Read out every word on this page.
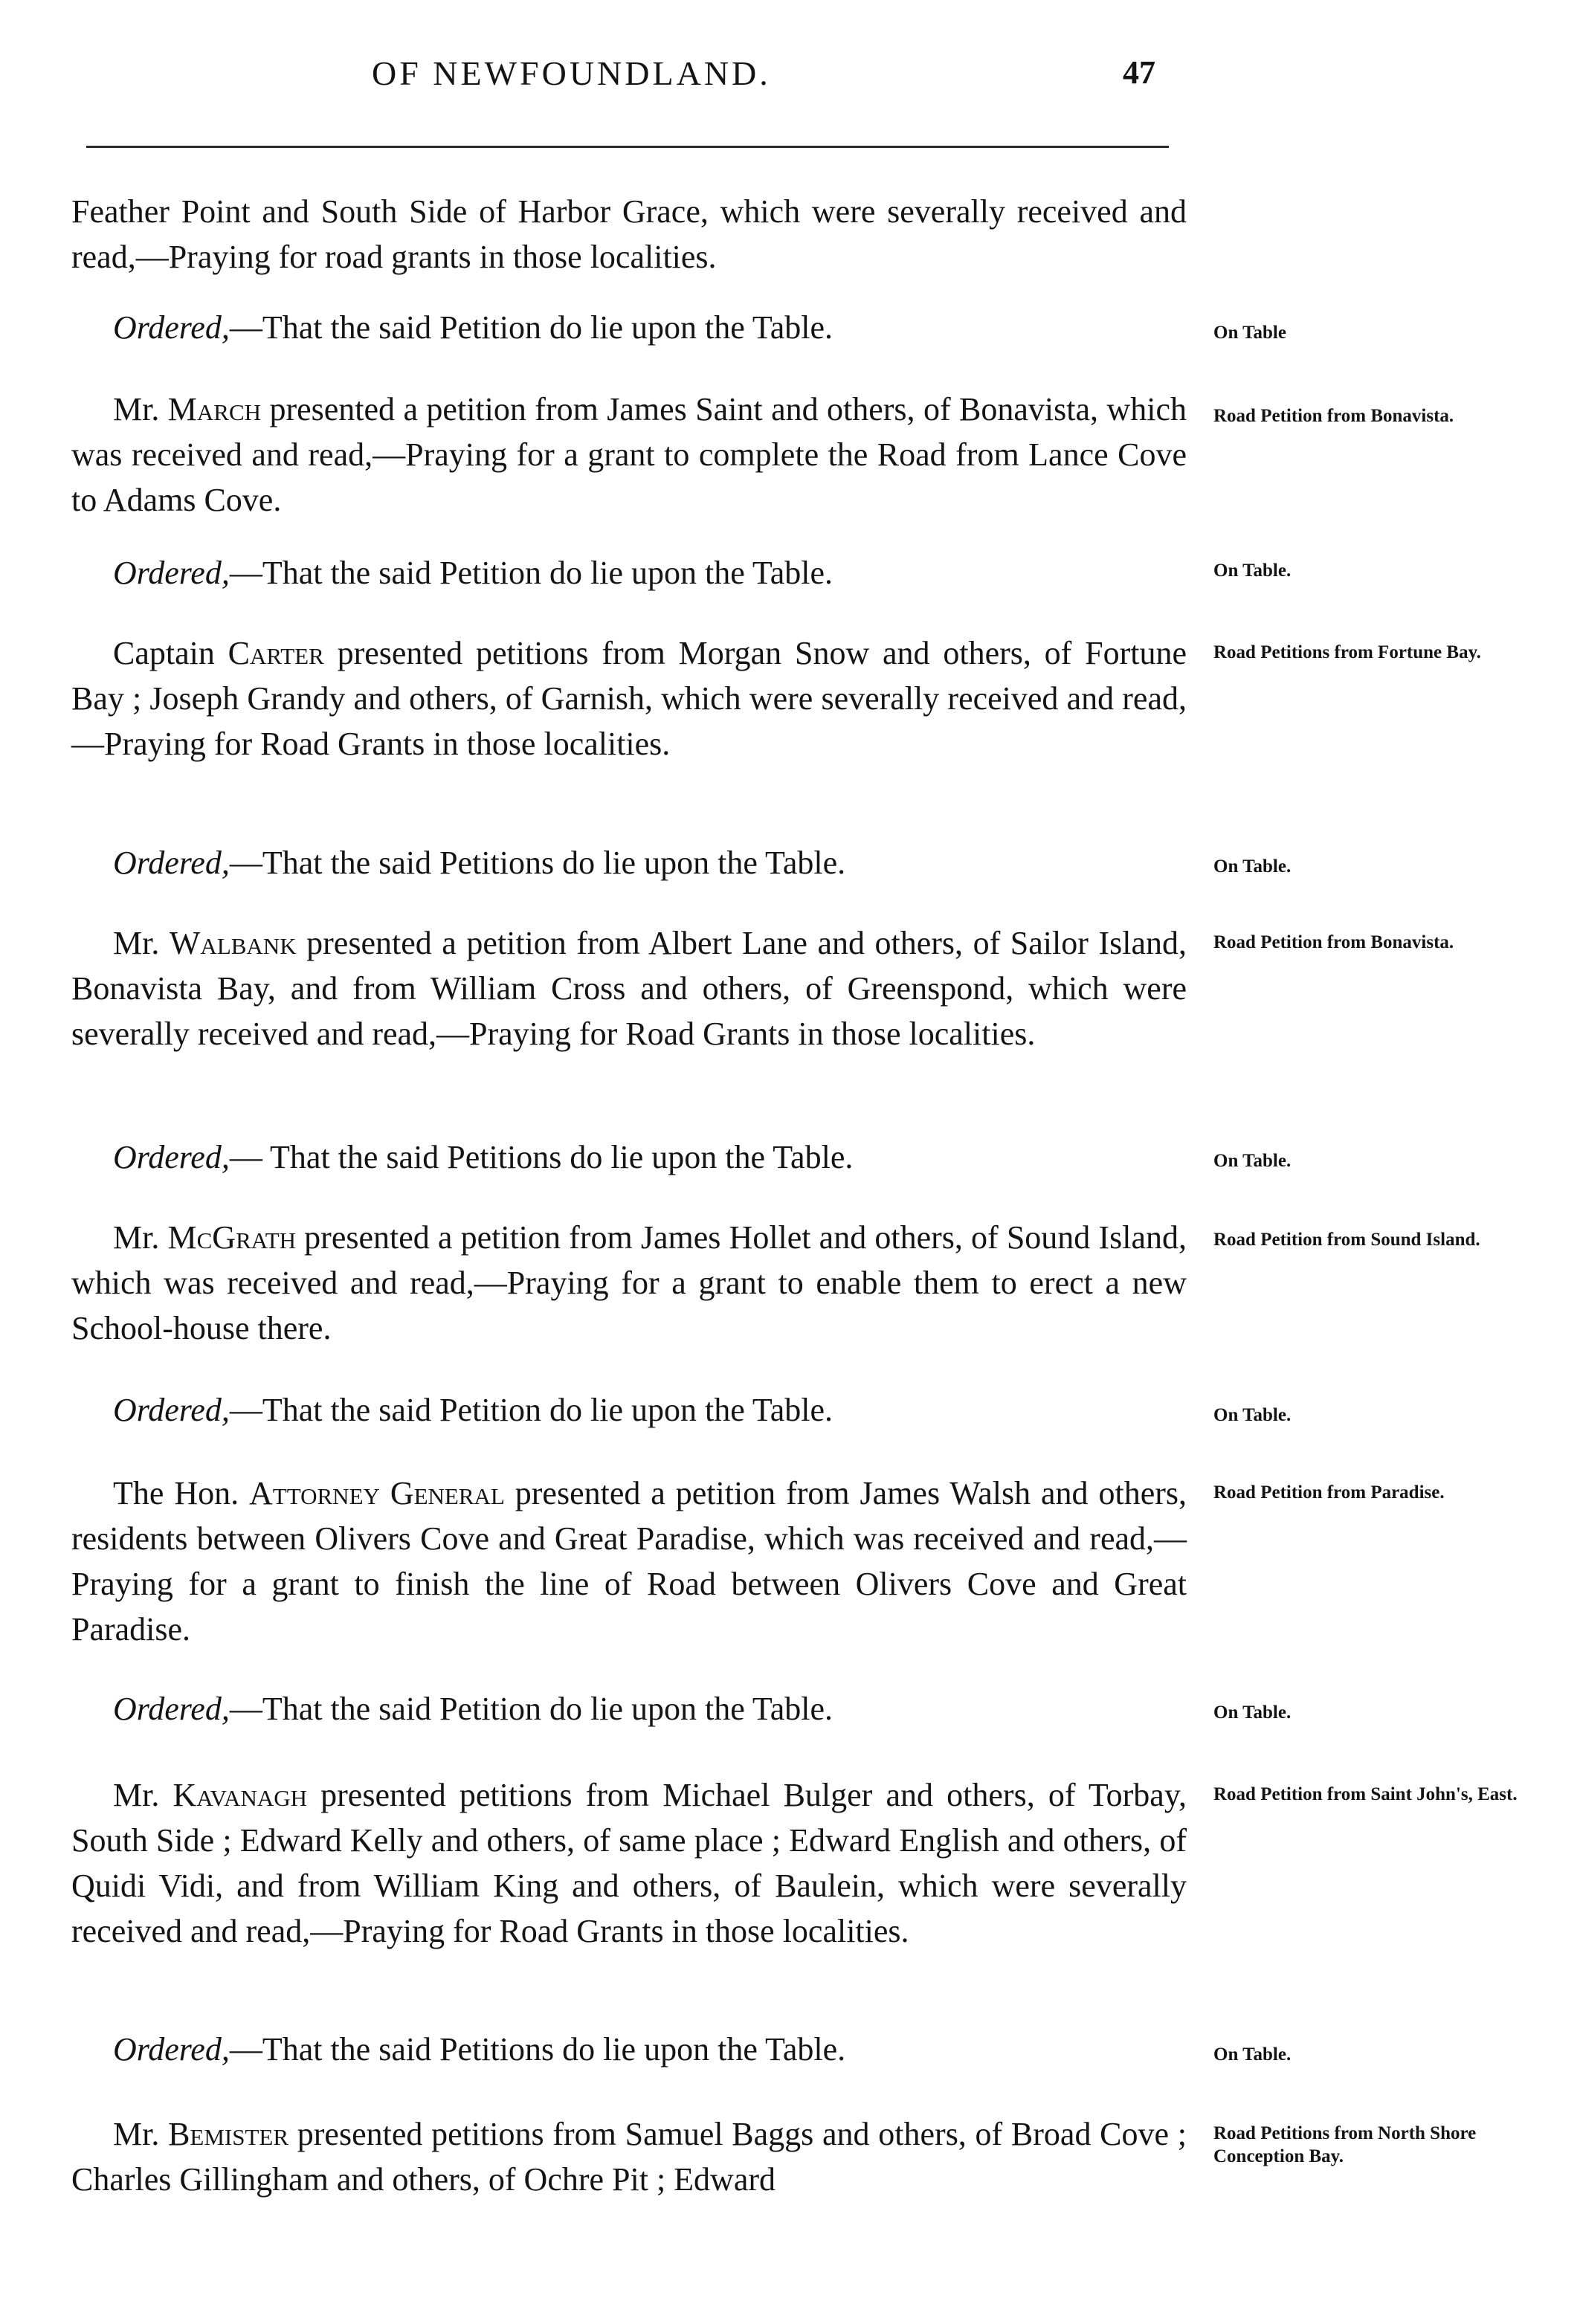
OF NEWFOUNDLAND.	47
Feather Point and South Side of Harbor Grace, which were severally received and read,—Praying for road grants in those localities.
Ordered,—That the said Petition do lie upon the Table.	On Table
Mr. March presented a petition from James Saint and others, of Bonavista, which was received and read,—Praying for a grant to complete the Road from Lance Cove to Adams Cove.
Road Petition from Bonavista.
Ordered,—That the said Petition do lie upon the Table.	On Table.
Captain Carter presented petitions from Morgan Snow and others, of Fortune Bay ; Joseph Grandy and others, of Garnish, which were severally received and read,—Praying for Road Grants in those localities.
Road Petitions from Fortune Bay.
Ordered,—That the said Petitions do lie upon the Table.	On Table.
Mr. Walbank presented a petition from Albert Lane and others, of Sailor Island, Bonavista Bay, and from William Cross and others, of Greenspond, which were severally received and read,—Praying for Road Grants in those localities.
Road Petition from Bonavista.
Ordered,— That the said Petitions do lie upon the Table.	On Table.
Mr. McGrath presented a petition from James Hollet and others, of Sound Island, which was received and read,—Praying for a grant to enable them to erect a new School-house there.
Road Petition from Sound Island.
Ordered,—That the said Petition do lie upon the Table.	On Table.
The Hon. Attorney General presented a petition from James Walsh and others, residents between Olivers Cove and Great Paradise, which was received and read,—Praying for a grant to finish the line of Road between Olivers Cove and Great Paradise.
Road Petition from Paradise.
Ordered,—That the said Petition do lie upon the Table.	On Table.
Mr. Kavanagh presented petitions from Michael Bulger and others, of Torbay, South Side ; Edward Kelly and others, of same place ; Edward English and others, of Quidi Vidi, and from William King and others, of Baulein, which were severally received and read,—Praying for Road Grants in those localities.
Road Petition from Saint John's, East.
Ordered,—That the said Petitions do lie upon the Table.	On Table.
Mr. Bemister presented petitions from Samuel Baggs and others, of Broad Cove ; Charles Gillingham and others, of Ochre Pit ; Edward
Road Petitions from North Shore Conception Bay.
